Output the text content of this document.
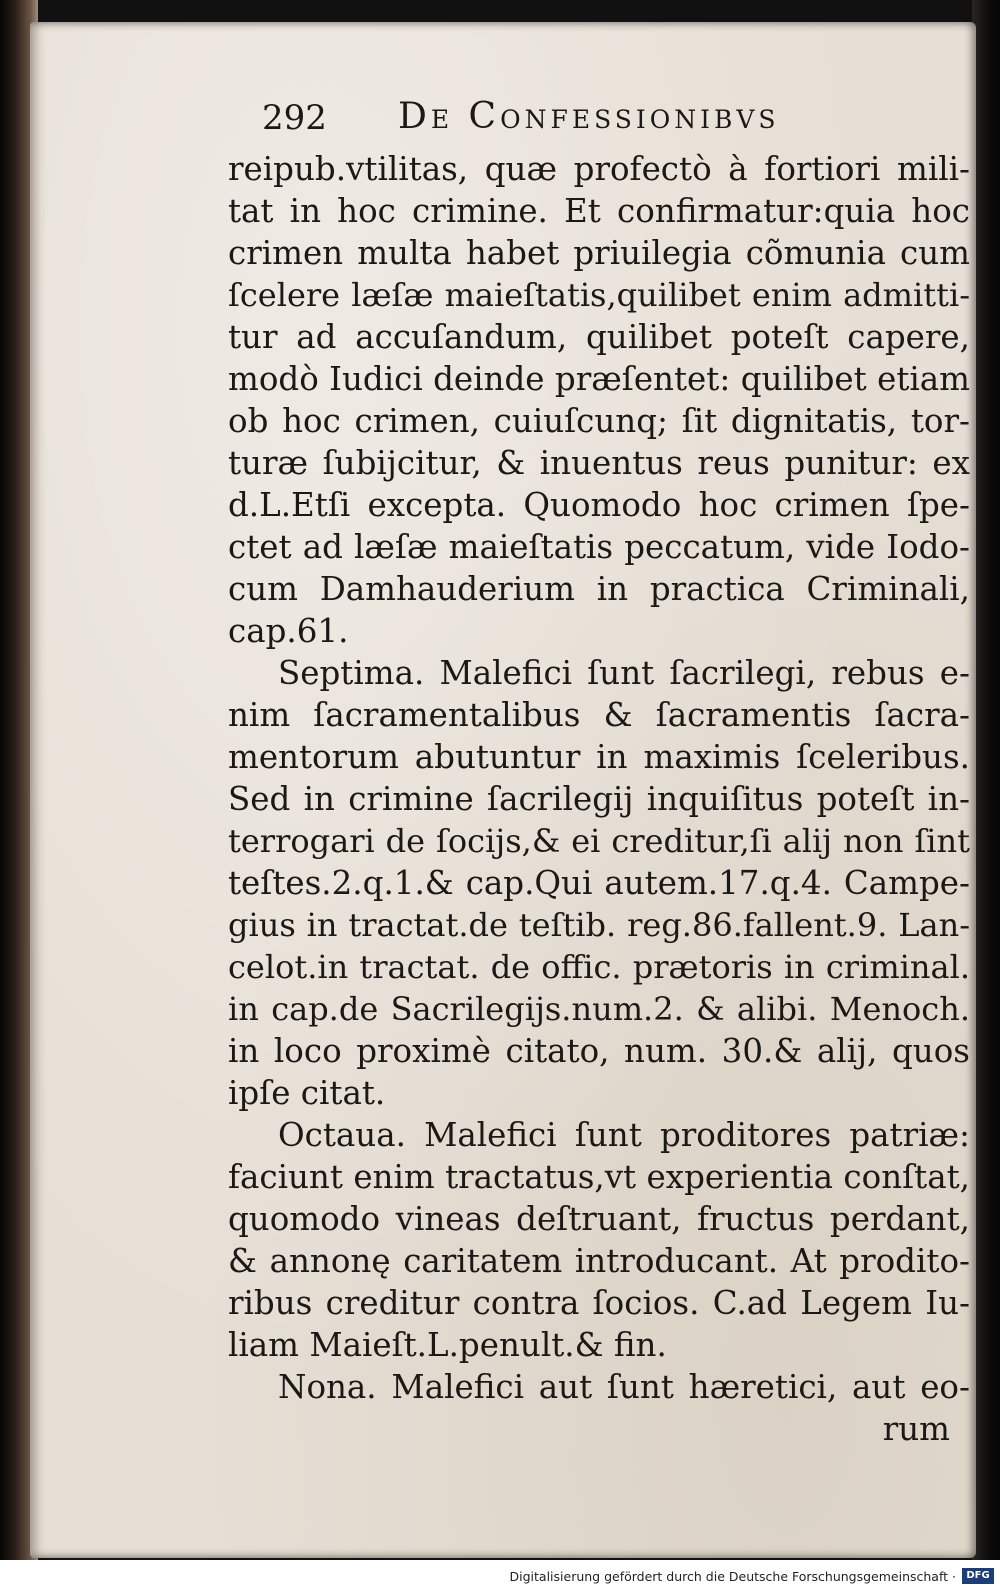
292 De Confessionibvs
reipub.vtilitas, quæ profectò à fortiori mili-
tat in hoc crimine. Et confirmatur:quia hoc
crimen multa habet priuilegia cõmunia cum
ſcelere læſæ maieſtatis,quilibet enim admitti-
tur ad accuſandum, quilibet poteſt capere,
modò Iudici deinde præſentet: quilibet etiam
ob hoc crimen, cuiuſcunq; ſit dignitatis, tor-
turæ ſubijcitur, & inuentus reus punitur: ex
d.L.Etſi excepta. Quomodo hoc crimen ſpe-
ctet ad læſæ maieſtatis peccatum, vide Iodo-
cum Damhauderium in practica Criminali,
cap.61.
Septima. Malefici ſunt ſacrilegi, rebus e-
nim ſacramentalibus & ſacramentis ſacra-
mentorum abutuntur in maximis ſceleribus.
Sed in crimine ſacrilegij inquiſitus poteſt in-
terrogari de ſocijs,& ei creditur,ſi alij non ſint
teſtes.2.q.1.& cap.Qui autem.17.q.4. Campe-
gius in tractat.de teſtib. reg.86.fallent.9. Lan-
celot.in tractat. de offic. prætoris in criminal.
in cap.de Sacrilegijs.num.2. & alibi. Menoch.
in loco proximè citato, num. 30.& alij, quos
ipſe citat.
Octaua. Malefici ſunt proditores patriæ:
faciunt enim tractatus,vt experientia conſtat,
quomodo vineas deſtruant, fructus perdant,
& annonę caritatem introducant. At prodito-
ribus creditur contra ſocios. C.ad Legem Iu-
liam Maieſt.L.penult.& fin.
Nona. Malefici aut ſunt hæretici, aut eo-
rum
Digitalisierung gefördert durch die Deutsche Forschungsgemeinschaft ·	DFG
